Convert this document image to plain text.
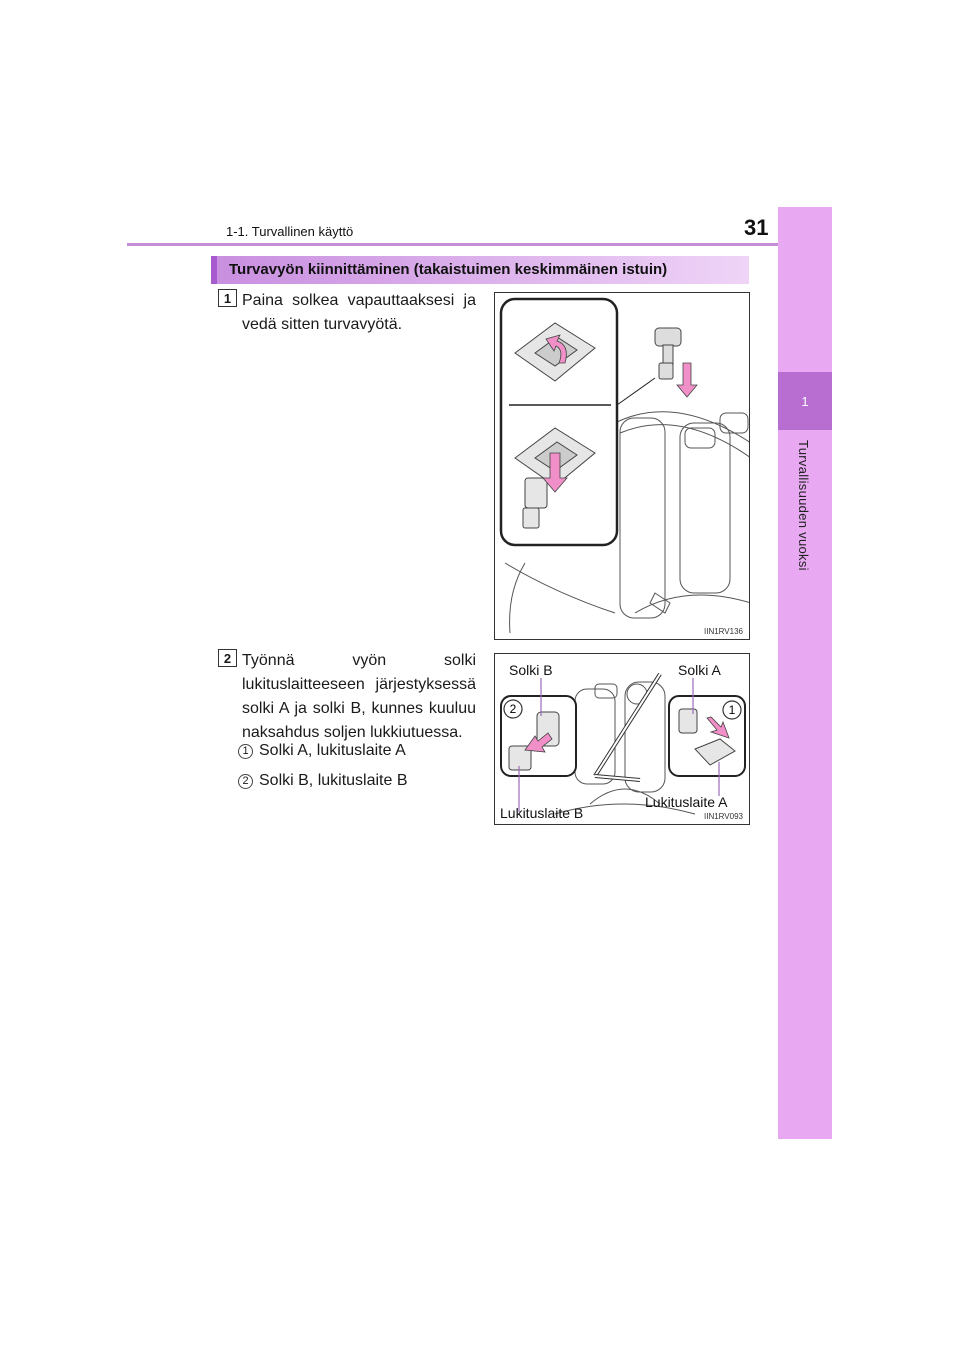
1-1. Turvallinen käyttö	31
1
Turvallisuuden vuoksi
Turvavyön kiinnittäminen (takaistuimen keskimmäinen istuin)
1 Paina solkea vapauttaaksesi ja vedä sitten turvavyötä.
IIN1RV136
2 Työnnä vyön solki lukituslaitteeseen järjestyksessä solki A ja solki B, kunnes kuuluu naksahdus soljen lukkiutuessa.
1 Solki A, lukituslaite A
2 Solki B, lukituslaite B
2	1
Solki B	Solki A
Lukituslaite B
Lukituslaite A
IIN1RV093
